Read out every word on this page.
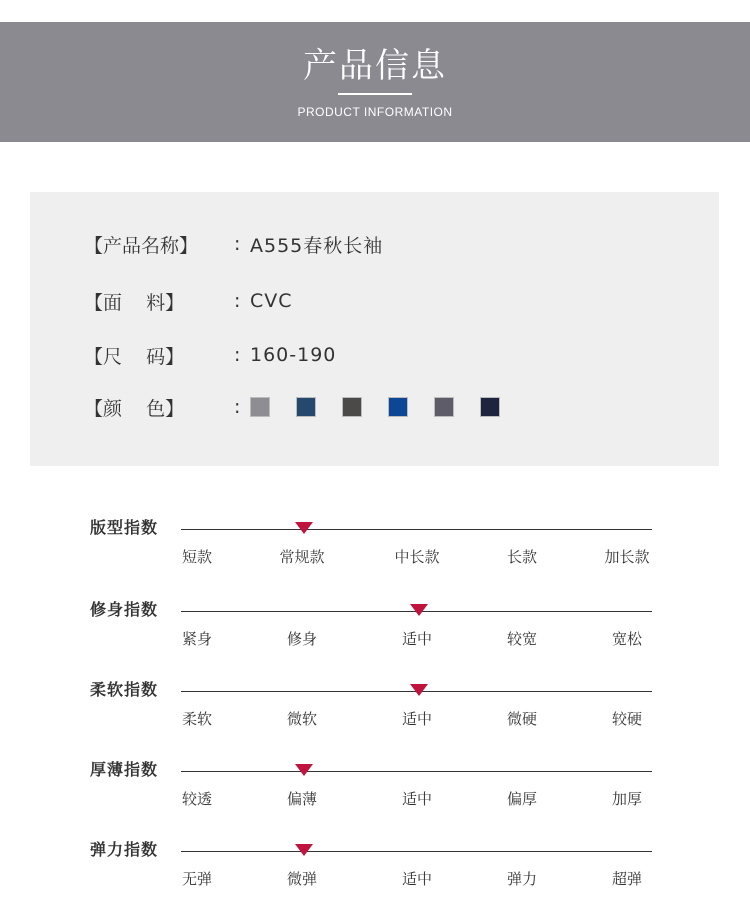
产品信息
PRODUCT INFORMATION
【产品名称】	: A555春秋长袖
【面    料】	: CVC
【尺    码】	: 160-190
【颜    色】	:
版型指数
短款	常规款	中长款	长款	加长款
修身指数
紧身	修身	适中	较宽	宽松
柔软指数
柔软	微软	适中	微硬	较硬
厚薄指数
较透	偏薄	适中	偏厚	加厚
弹力指数
无弹	微弹	适中	弹力	超弹
